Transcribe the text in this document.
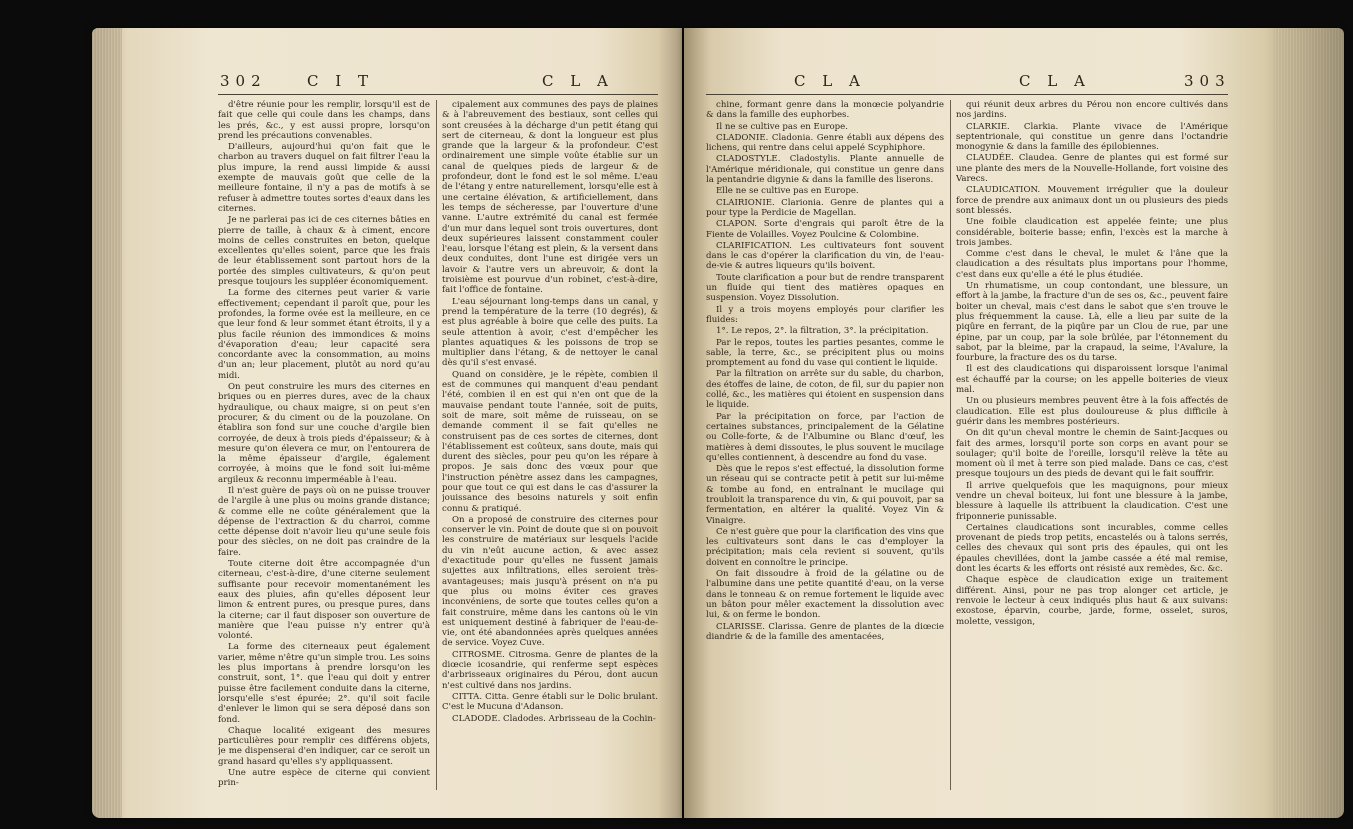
302	C I T	C L A

d'être réunie pour les remplir, lorsqu'il est de fait que celle qui coule dans les champs, dans les prés, &c., y est aussi propre, lorsqu'on prend les précautions convenables.

D'ailleurs, aujourd'hui qu'on fait que le charbon au travers duquel on fait filtrer l'eau la plus impure, la rend aussi limpide & aussi exempte de mauvais goût que celle de la meilleure fontaine, il n'y a pas de motifs à se refuser à admettre toutes sortes d'eaux dans les citernes.

Je ne parlerai pas ici de ces citernes bâties en pierre de taille, à chaux & à ciment, encore moins de celles construites en beton, quelque excellentes qu'elles soient, parce que les frais de leur établissement sont partout hors de la portée des simples cultivateurs, & qu'on peut presque toujours les suppléer économiquement.

La forme des citernes peut varier & varie effectivement; cependant il paroît que, pour les profondes, la forme ovée est la meilleure, en ce que leur fond & leur sommet étant étroits, il y a plus facile réunion des immondices & moins d'évaporation d'eau; leur capacité sera concordante avec la consommation, au moins d'un an; leur placement, plutôt au nord qu'au midi.

On peut construire les murs des citernes en briques ou en pierres dures, avec de la chaux hydraulique, ou chaux maigre, si on peut s'en procurer, & du ciment ou de la pouzolane. On établira son fond sur une couche d'argile bien corroyée, de deux à trois pieds d'épaisseur; & à mesure qu'on élevera ce mur, on l'entourera de la même épaisseur d'argile, également corroyée, à moins que le fond soit lui-même argileux & reconnu imperméable à l'eau.

Il n'est guère de pays où on ne puisse trouver de l'argile à une plus ou moins grande distance; & comme elle ne coûte généralement que la dépense de l'extraction & du charroi, comme cette dépense doit n'avoir lieu qu'une seule fois pour des siècles, on ne doit pas craindre de la faire.

Toute citerne doit être accompagnée d'un citerneau, c'est-à-dire, d'une citerne seulement suffisante pour recevoir momentanément les eaux des pluies, afin qu'elles déposent leur limon & entrent pures, ou presque pures, dans la citerne; car il faut disposer son ouverture de manière que l'eau puisse n'y entrer qu'à volonté.

La forme des citerneaux peut également varier, même n'être qu'un simple trou. Les soins les plus importans à prendre lorsqu'on les construit, sont, 1°. que l'eau qui doit y entrer puisse être facilement conduite dans la citerne, lorsqu'elle s'est épurée; 2°. qu'il soit facile d'enlever le limon qui se sera déposé dans son fond.

Chaque localité exigeant des mesures particulières pour remplir ces différens objets, je me dispenserai d'en indiquer, car ce seroit un grand hasard qu'elles s'y appliquassent.

Une autre espèce de citerne qui convient prin-

cipalement aux communes des pays de plaines & à l'abreuvement des bestiaux, sont celles qui sont creusées à la décharge d'un petit étang qui sert de citerneau, & dont la longueur est plus grande que la largeur & la profondeur. C'est ordinairement une simple voûte établie sur un canal de quelques pieds de largeur & de profondeur, dont le fond est le sol même. L'eau de l'étang y entre naturellement, lorsqu'elle est à une certaine élévation, & artificiellement, dans les temps de sécheresse, par l'ouverture d'une vanne. L'autre extrémité du canal est fermée d'un mur dans lequel sont trois ouvertures, dont deux supérieures laissent constamment couler l'eau, lorsque l'étang est plein, & la versent dans deux conduites, dont l'une est dirigée vers un lavoir & l'autre vers un abreuvoir, & dont la troisième est pourvue d'un robinet, c'est-à-dire, fait l'office de fontaine.

L'eau séjournant long-temps dans un canal, y prend la température de la terre (10 degrés), & est plus agréable à boire que celle des puits. La seule attention à avoir, c'est d'empêcher les plantes aquatiques & les poissons de trop se multiplier dans l'étang, & de nettoyer le canal dès qu'il s'est envasé.

Quand on considère, je le répète, combien il est de communes qui manquent d'eau pendant l'été, combien il en est qui n'en ont que de la mauvaise pendant toute l'année, soit de puits, soit de mare, soit même de ruisseau, on se demande comment il se fait qu'elles ne construisent pas de ces sortes de citernes, dont l'établissement est coûteux, sans doute, mais qui durent des siècles, pour peu qu'on les répare à propos. Je sais donc des vœux pour que l'instruction pénètre assez dans les campagnes, pour que tout ce qui est dans le cas d'assurer la jouissance des besoins naturels y soit enfin connu & pratiqué.

On a proposé de construire des citernes pour conserver le vin. Point de doute que si on pouvoit les construire de matériaux sur lesquels l'acide du vin n'eût aucune action, & avec assez d'exactitude pour qu'elles ne fussent jamais sujettes aux infiltrations, elles seroient très-avantageuses; mais jusqu'à présent on n'a pu que plus ou moins éviter ces graves inconvéniens, de sorte que toutes celles qu'on a fait construire, même dans les cantons où le vin est uniquement destiné à fabriquer de l'eau-de-vie, ont été abandonnées après quelques années de service. Voyez Cuve.

CITROSME. Citrosma. Genre de plantes de la diœcie icosandrie, qui renferme sept espèces d'arbrisseaux originaires du Pérou, dont aucun n'est cultivé dans nos jardins.

CITTA. Citta. Genre établi sur le Dolic brulant. C'est le Mucuna d'Adanson.

CLADODE. Cladodes. Arbrisseau de la Cochin-

C L A	C L A	303

chine, formant genre dans la monœcie polyandrie & dans la famille des euphorbes.

Il ne se cultive pas en Europe.

CLADONIE. Cladonia. Genre établi aux dépens des lichens, qui rentre dans celui appelé Scyphiphore.

CLADOSTYLE. Cladostylis. Plante annuelle de l'Amérique méridionale, qui constitue un genre dans la pentandrie digynie & dans la famille des liserons.

Elle ne se cultive pas en Europe.

CLAIRIONIE. Clarionia. Genre de plantes qui a pour type la Perdicie de Magellan.

CLAPON. Sorte d'engrais qui paroît être de la Fiente de Volailles. Voyez Poulcine & Colombine.

CLARIFICATION. Les cultivateurs font souvent dans le cas d'opérer la clarification du vin, de l'eau-de-vie & autres liqueurs qu'ils boivent.

Toute clarification a pour but de rendre transparent un fluide qui tient des matières opaques en suspension. Voyez Dissolution.

Il y a trois moyens employés pour clarifier les fluides:

1°. Le repos, 2°. la filtration, 3°. la précipitation.

Par le repos, toutes les parties pesantes, comme le sable, la terre, &c., se précipitent plus ou moins promptement au fond du vase qui contient le liquide.

Par la filtration on arrête sur du sable, du charbon, des étoffes de laine, de coton, de fil, sur du papier non collé, &c., les matières qui étoient en suspension dans le liquide.

Par la précipitation on force, par l'action de certaines substances, principalement de la Gélatine ou Colle-forte, & de l'Albumine ou Blanc d'œuf, les matières à demi dissoutes, le plus souvent le mucilage qu'elles contiennent, à descendre au fond du vase.

Dès que le repos s'est effectué, la dissolution forme un réseau qui se contracte petit à petit sur lui-même & tombe au fond, en entraînant le mucilage qui troubloit la transparence du vin, & qui pouvoit, par sa fermentation, en altérer la qualité. Voyez Vin & Vinaigre.

Ce n'est guère que pour la clarification des vins que les cultivateurs sont dans le cas d'employer la précipitation; mais cela revient si souvent, qu'ils doivent en connoître le principe.

On fait dissoudre à froid de la gélatine ou de l'albumine dans une petite quantité d'eau, on la verse dans le tonneau & on remue fortement le liquide avec un bâton pour mêler exactement la dissolution avec lui, & on ferme le bondon.

CLARISSE. Clarissa. Genre de plantes de la diœcie diandrie & de la famille des amentacées,

qui réunit deux arbres du Pérou non encore cultivés dans nos jardins.

CLARKIE. Clarkia. Plante vivace de l'Amérique septentrionale, qui constitue un genre dans l'octandrie monogynie & dans la famille des épilobiennes.

CLAUDÉE. Claudea. Genre de plantes qui est formé sur une plante des mers de la Nouvelle-Hollande, fort voisine des Varecs.

CLAUDICATION. Mouvement irrégulier que la douleur force de prendre aux animaux dont un ou plusieurs des pieds sont blessés.

Une foible claudication est appelée feinte; une plus considérable, boiterie basse; enfin, l'excès est la marche à trois jambes.

Comme c'est dans le cheval, le mulet & l'âne que la claudication a des résultats plus importans pour l'homme, c'est dans eux qu'elle a été le plus étudiée.

Un rhumatisme, un coup contondant, une blessure, un effort à la jambe, la fracture d'un de ses os, &c., peuvent faire boiter un cheval, mais c'est dans le sabot que s'en trouve le plus fréquemment la cause. Là, elle a lieu par suite de la piqûre en ferrant, de la piqûre par un Clou de rue, par une épine, par un coup, par la sole brûlée, par l'étonnement du sabot, par la bleime, par la crapaud, la seime, l'Avalure, la fourbure, la fracture des os du tarse.

Il est des claudications qui disparoissent lorsque l'animal est échauffé par la course; on les appelle boiteries de vieux mal.

Un ou plusieurs membres peuvent être à la fois affectés de claudication. Elle est plus douloureuse & plus difficile à guérir dans les membres postérieurs.

On dit qu'un cheval montre le chemin de Saint-Jacques ou fait des armes, lorsqu'il porte son corps en avant pour se soulager; qu'il boite de l'oreille, lorsqu'il relève la tête au moment où il met à terre son pied malade. Dans ce cas, c'est presque toujours un des pieds de devant qui le fait souffrir.

Il arrive quelquefois que les maquignons, pour mieux vendre un cheval boiteux, lui font une blessure à la jambe, blessure à laquelle ils attribuent la claudication. C'est une friponnerie punissable.

Certaines claudications sont incurables, comme celles provenant de pieds trop petits, encastelés ou à talons serrés, celles des chevaux qui sont pris des épaules, qui ont les épaules chevillées, dont la jambe cassée a été mal remise, dont les écarts & les efforts ont résisté aux remèdes, &c. &c.

Chaque espèce de claudication exige un traitement différent. Ainsi, pour ne pas trop alonger cet article, je renvoie le lecteur à ceux indiqués plus haut & aux suivans: exostose, éparvin, courbe, jarde, forme, osselet, suros, molette, vessigon,
